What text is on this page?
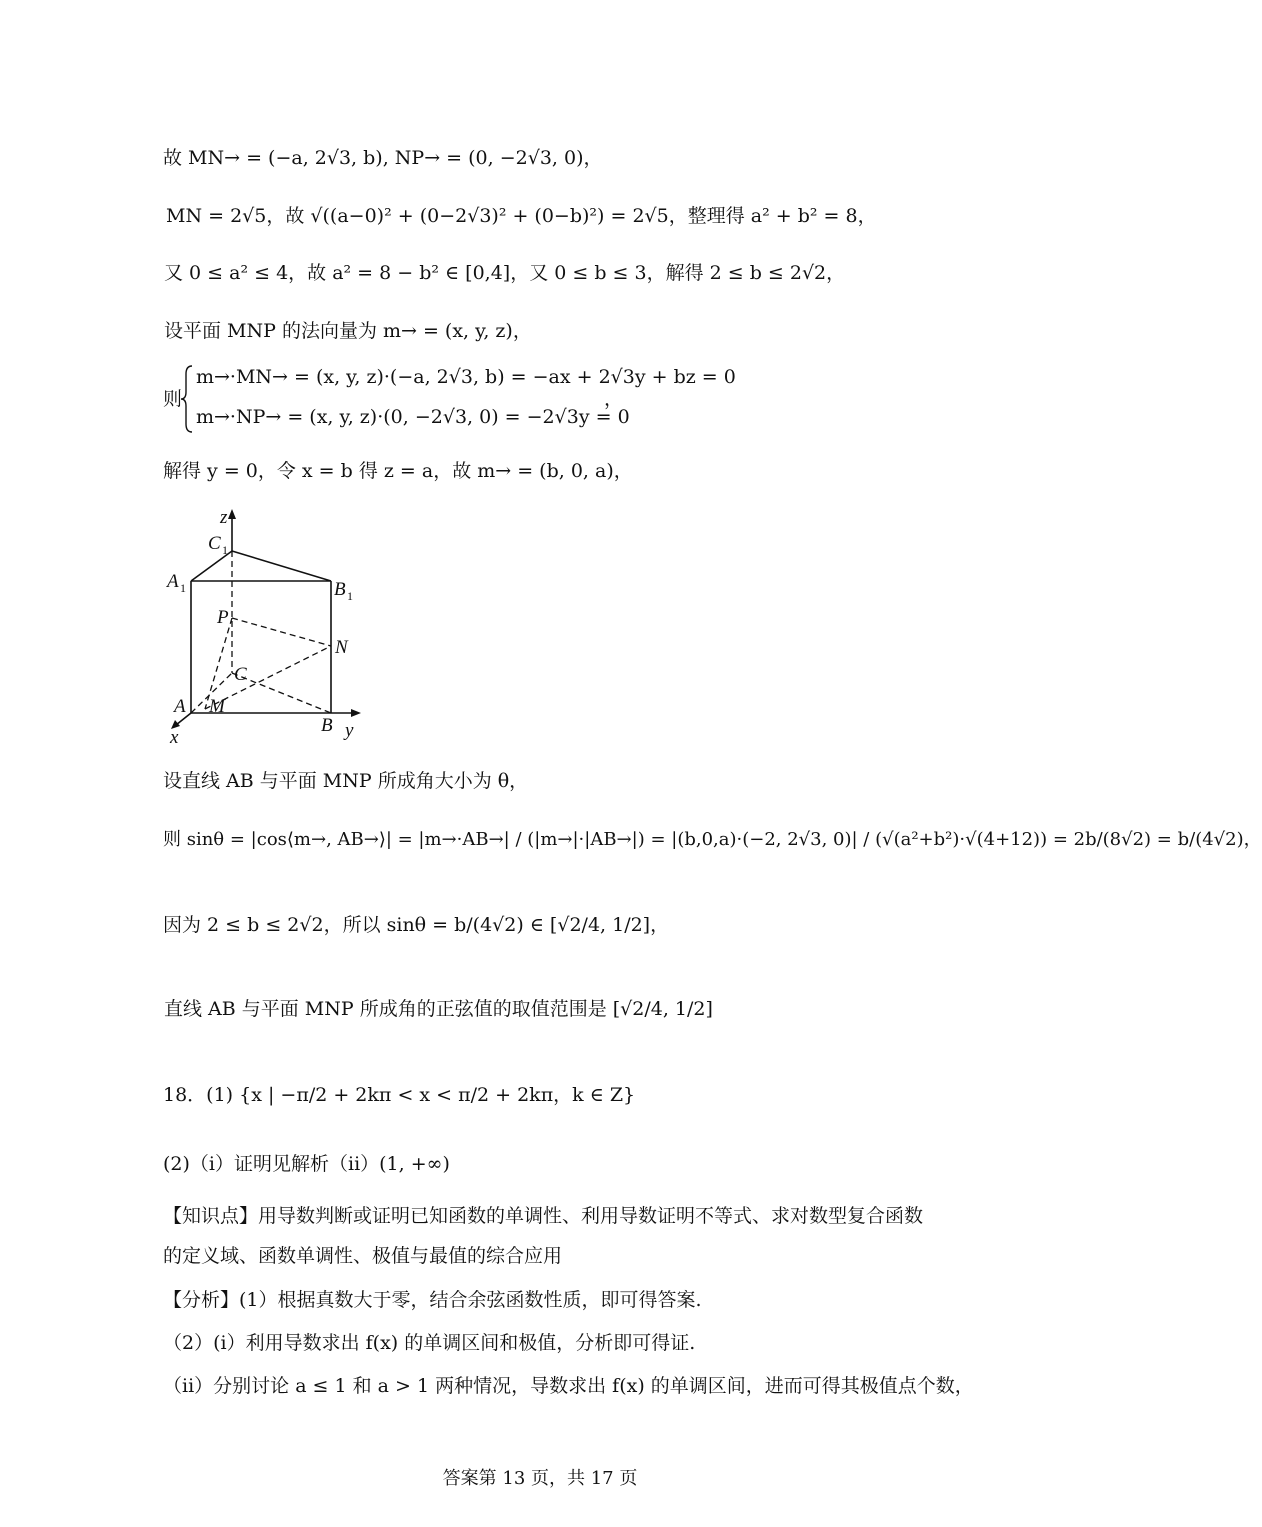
故 MN→ = (−a, 2√3, b), NP→ = (0, −2√3, 0)，
MN = 2√5，故 √((a−0)² + (0−2√3)² + (0−b)²) = 2√5，整理得 a² + b² = 8，
又 0 ≤ a² ≤ 4，故 a² = 8 − b² ∈ [0,4]，又 0 ≤ b ≤ 3，解得 2 ≤ b ≤ 2√2，
设平面 MNP 的法向量为 m→ = (x, y, z)，
则
m→·MN→ = (x, y, z)·(−a, 2√3, b) = −ax + 2√3y + bz = 0
m→·NP→ = (x, y, z)·(0, −2√3, 0) = −2√3y = 0
，
解得 y = 0，令 x = b 得 z = a，故 m→ = (b, 0, a)，
z
C 1
A 1	B 1
P
N
C
A M
B
x	y
设直线 AB 与平面 MNP 所成角大小为 θ，
则 sinθ = |cos⟨m→, AB→⟩| = |m→·AB→| / (|m→|·|AB→|) = |(b,0,a)·(−2, 2√3, 0)| / (√(a²+b²)·√(4+12)) = 2b/(8√2) = b/(4√2)，
因为 2 ≤ b ≤ 2√2，所以 sinθ = b/(4√2) ∈ [√2/4, 1/2]，
直线 AB 与平面 MNP 所成角的正弦值的取值范围是 [√2/4, 1/2]
18．(1) {x | −π/2 + 2kπ < x < π/2 + 2kπ，k ∈ Z}
(2)（i）证明见解析（ii）(1, +∞)
【知识点】用导数判断或证明已知函数的单调性、利用导数证明不等式、求对数型复合函数
的定义域、函数单调性、极值与最值的综合应用
【分析】(1）根据真数大于零，结合余弦函数性质，即可得答案.
（2）(i）利用导数求出 f(x) 的单调区间和极值，分析即可得证.
（ii）分别讨论 a ≤ 1 和 a > 1 两种情况，导数求出 f(x) 的单调区间，进而可得其极值点个数，
答案第 13 页，共 17 页
